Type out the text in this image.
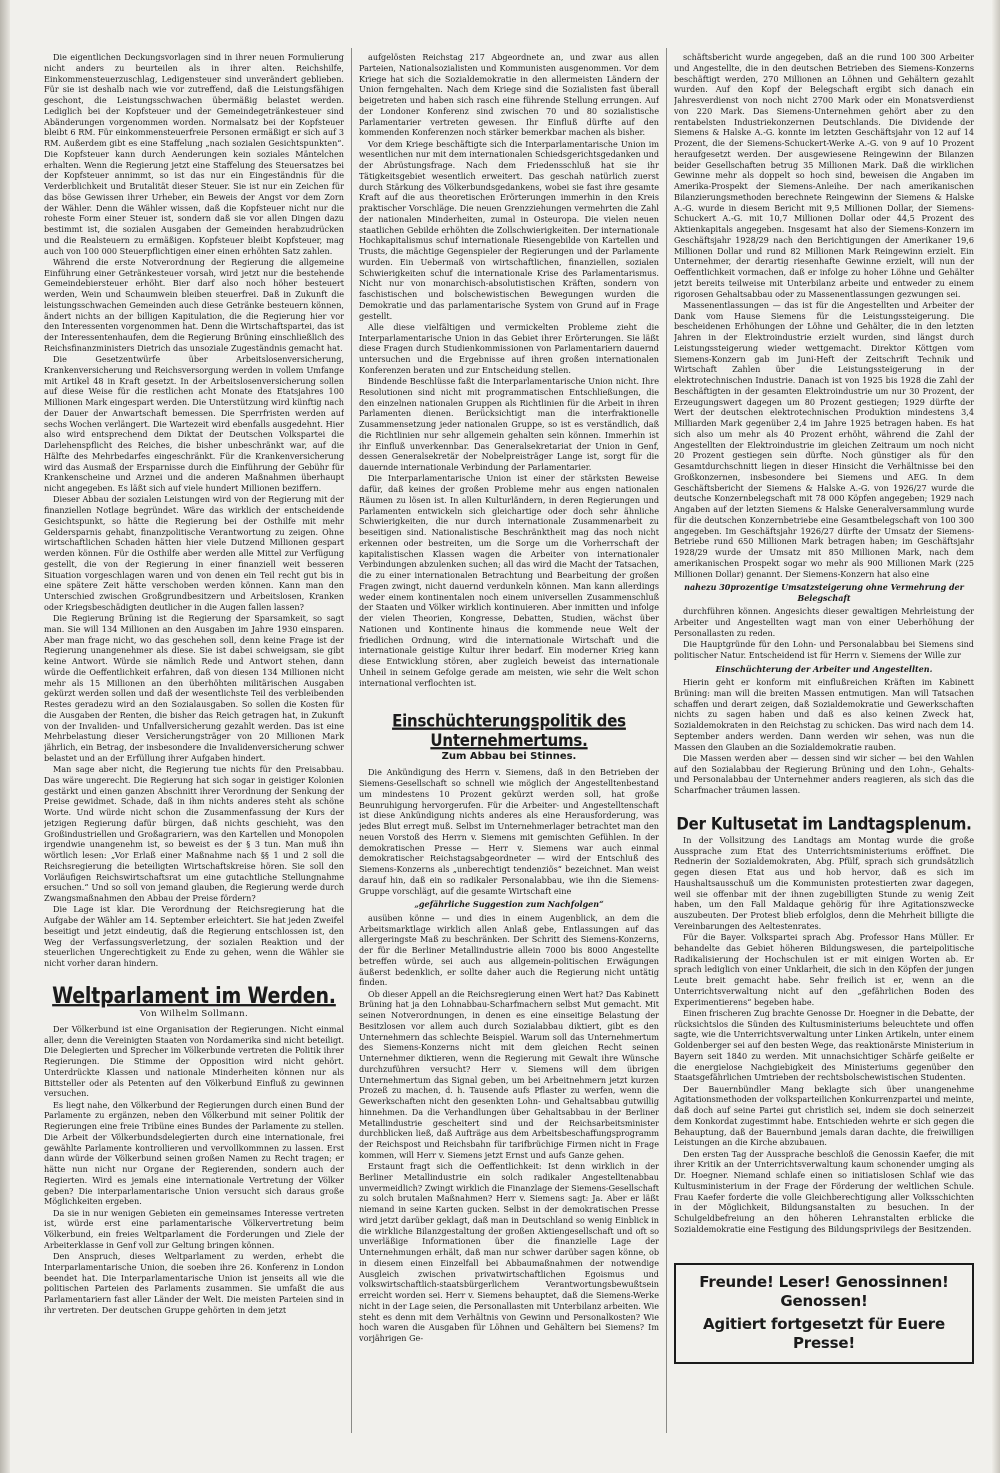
Die eigentlichen Deckungsvorlagen sind in ihrer neuen Formulierung nicht anders zu beurteilen als in ihrer alten. Reichshilfe, Einkommensteuerzuschlag, Ledigensteuer sind unverändert geblieben. Für sie ist deshalb nach wie vor zutreffend, daß die Leistungsfähigen geschont, die Leistungsschwachen übermäßig belastet werden. Lediglich bei der Kopfsteuer und der Gemeindegetränkesteuer sind Abänderungen vorgenommen worden. Normalsatz bei der Kopfsteuer bleibt 6 RM. Für einkommensteuerfreie Personen ermäßigt er sich auf 3 RM. Außerdem gibt es eine Staffelung „nach sozialen Gesichtspunkten“. Die Kopfsteuer kann durch Aenderungen kein soziales Mäntelchen erhalten. Wenn die Regierung jetzt eine Staffelung des Steuersatzes bei der Kopfsteuer annimmt, so ist das nur ein Eingeständnis für die Verderblichkeit und Brutalität dieser Steuer. Sie ist nur ein Zeichen für das böse Gewissen ihrer Urheber, ein Beweis der Angst vor dem Zorn der Wähler. Denn die Wähler wissen, daß die Kopfsteuer nicht nur die roheste Form einer Steuer ist, sondern daß sie vor allen Dingen dazu bestimmt ist, die sozialen Ausgaben der Gemeinden herabzudrücken und die Realsteuern zu ermäßigen. Kopfsteuer bleibt Kopfsteuer, mag auch von 100 000 Steuerpflichtigen einer einen erhöhten Satz zahlen.

Während die erste Notverordnung der Regierung die allgemeine Einführung einer Getränkesteuer vorsah, wird jetzt nur die bestehende Gemeindebiersteuer erhöht. Bier darf also noch höher besteuert werden, Wein und Schaumwein bleiben steuerfrei. Daß in Zukunft die leistungsschwachen Gemeinden auch diese Getränke besteuern können, ändert nichts an der billigen Kapitulation, die die Regierung hier vor den Interessenten vorgenommen hat. Denn die Wirtschaftspartei, das ist der Interessentenhaufen, dem die Regierung Brüning einschließlich des Reichsfinanzministers Dietrich das unsoziale Zugeständnis gemacht hat.

Die Gesetzentwürfe über Arbeitslosenversicherung, Krankenversicherung und Reichsversorgung werden in vollem Umfange mit Artikel 48 in Kraft gesetzt. In der Arbeitslosenversicherung sollen auf diese Weise für die restlichen acht Monate des Etatsjahres 100 Millionen Mark eingespart werden. Die Unterstützung wird künftig nach der Dauer der Anwartschaft bemessen. Die Sperrfristen werden auf sechs Wochen verlängert. Die Wartezeit wird ebenfalls ausgedehnt. Hier also wird entsprechend dem Diktat der Deutschen Volkspartei die Darlehenspflicht des Reiches, die bisher unbeschränkt war, auf die Hälfte des Mehrbedarfes eingeschränkt. Für die Krankenversicherung wird das Ausmaß der Ersparnisse durch die Einführung der Gebühr für Krankenscheine und Arznei und die anderen Maßnahmen überhaupt nicht angegeben. Es läßt sich auf viele hundert Millionen beziffern.

Dieser Abbau der sozialen Leistungen wird von der Regierung mit der finanziellen Notlage begründet. Wäre das wirklich der entscheidende Gesichtspunkt, so hätte die Regierung bei der Osthilfe mit mehr Geldersparnis gehabt, finanzpolitische Verantwortung zu zeigen. Ohne wirtschaftlichen Schaden hätten hier viele Dutzend Millionen gespart werden können. Für die Osthilfe aber werden alle Mittel zur Verfügung gestellt, die von der Regierung in einer finanziell weit besseren Situation vorgeschlagen waren und von denen ein Teil recht gut bis in eine spätere Zeit hätte verschoben werden können. Kann man den Unterschied zwischen Großgrundbesitzern und Arbeitslosen, Kranken oder Kriegsbeschädigten deutlicher in die Augen fallen lassen?

Die Regierung Brüning ist die Regierung der Sparsamkeit, so sagt man. Sie will 134 Millionen an den Ausgaben im Jahre 1930 einsparen. Aber man frage nicht, wo das geschehen soll, denn keine Frage ist der Regierung unangenehmer als diese. Sie ist dabei schweigsam, sie gibt keine Antwort. Würde sie nämlich Rede und Antwort stehen, dann würde die Oeffentlichkeit erfahren, daß von diesen 134 Millionen nicht mehr als 15 Millionen an den überhöhten militärischen Ausgaben gekürzt werden sollen und daß der wesentlichste Teil des verbleibenden Restes geradezu wird an den Sozialausgaben. So sollen die Kosten für die Ausgaben der Renten, die bisher das Reich getragen hat, in Zukunft von der Invaliden- und Unfallversicherung gezahlt werden. Das ist eine Mehrbelastung dieser Versicherungsträger von 20 Millionen Mark jährlich, ein Betrag, der insbesondere die Invalidenversicherung schwer belastet und an der Erfüllung ihrer Aufgaben hindert.

Man sage aber nicht, die Regierung tue nichts für den Preisabbau. Das wäre ungerecht. Die Regierung hat sich sogar in geistiger Kolonien gestärkt und einen ganzen Abschnitt ihrer Verordnung der Senkung der Preise gewidmet. Schade, daß in ihm nichts anderes steht als schöne Worte. Und würde nicht schon die Zusammenfassung der Kurs der jetzigen Regierung dafür bürgen, daß nichts geschieht, was den Großindustriellen und Großagrariern, was den Kartellen und Monopolen irgendwie unangenehm ist, so beweist es der § 3 tun. Man muß ihn wörtlich lesen: „Vor Erlaß einer Maßnahme nach §§ 1 und 2 soll die Reichsregierung die beteiligten Wirtschaftskreise hören. Sie soll den Vorläufigen Reichswirtschaftsrat um eine gutachtliche Stellungnahme ersuchen.“ Und so soll von jemand glauben, die Regierung werde durch Zwangsmaßnahmen den Abbau der Preise fördern?

Die Lage ist klar. Die Verordnung der Reichsregierung hat die Aufgabe der Wähler am 14. September erleichtert. Sie hat jeden Zweifel beseitigt und jetzt eindeutig, daß die Regierung entschlossen ist, den Weg der Verfassungsverletzung, der sozialen Reaktion und der steuerlichen Ungerechtigkeit zu Ende zu gehen, wenn die Wähler sie nicht vorher daran hindern.

Weltparlament im Werden.
Von Wilhelm Sollmann.

Der Völkerbund ist eine Organisation der Regierungen. Nicht einmal aller, denn die Vereinigten Staaten von Nordamerika sind nicht beteiligt. Die Delegierten und Sprecher im Völkerbunde vertreten die Politik ihrer Regierungen. Die Stimme der Opposition wird nicht gehört. Unterdrückte Klassen und nationale Minderheiten können nur als Bittsteller oder als Petenten auf den Völkerbund Einfluß zu gewinnen versuchen.

Es liegt nahe, den Völkerbund der Regierungen durch einen Bund der Parlamente zu ergänzen, neben den Völkerbund mit seiner Politik der Regierungen eine freie Tribüne eines Bundes der Parlamente zu stellen. Die Arbeit der Völkerbundsdelegierten durch eine internationale, frei gewählte Parlamente kontrollieren und vervollkommnen zu lassen. Erst dann würde der Völkerbund seinen großen Namen zu Recht tragen; er hätte nun nicht nur Organe der Regierenden, sondern auch der Regierten. Wird es jemals eine internationale Vertretung der Völker geben? Die interparlamentarische Union versucht sich daraus große Möglichkeiten ergeben.

Da sie in nur wenigen Gebieten ein gemeinsames Interesse vertreten ist, würde erst eine parlamentarische Völkervertretung beim Völkerbund, ein freies Weltparlament die Forderungen und Ziele der Arbeiterklasse in Genf voll zur Geltung bringen können.

Den Anspruch, dieses Weltparlament zu werden, erhebt die Interparlamentarische Union, die soeben ihre 26. Konferenz in London beendet hat. Die Interparlamentarische Union ist jenseits all wie die politischen Parteien des Parlaments zusammen. Sie umfaßt die aus Parlamentariern fast aller Länder der Welt. Die meisten Parteien sind in ihr vertreten. Der deutschen Gruppe gehörten in dem jetzt

aufgelösten Reichstag 217 Abgeordnete an, und zwar aus allen Parteien, Nationalsozialisten und Kommunisten ausgenommen. Vor dem Kriege hat sich die Sozialdemokratie in den allermeisten Ländern der Union ferngehalten. Nach dem Kriege sind die Sozialisten fast überall beigetreten und haben sich rasch eine führende Stellung errungen. Auf der Londoner Konferenz sind zwischen 70 und 80 sozialistische Parlamentarier vertreten gewesen. Ihr Einfluß dürfte auf den kommenden Konferenzen noch stärker bemerkbar machen als bisher.

Vor dem Kriege beschäftigte sich die Interparlamentarische Union im wesentlichen nur mit dem internationalen Schiedsgerichtsgedanken und der Abrüstungsfrage. Nach dem Friedensschluß hat sie ihr Tätigkeitsgebiet wesentlich erweitert. Das geschah natürlich zuerst durch Stärkung des Völkerbundsgedankens, wobei sie fast ihre gesamte Kraft auf die aus theoretischen Erörterungen immerhin in den Kreis praktischer Vorschläge. Die neuen Grenzziehungen vermehrten die Zahl der nationalen Minderheiten, zumal in Osteuropa. Die vielen neuen staatlichen Gebilde erhöhten die Zollschwierigkeiten. Der internationale Hochkapitalismus schuf internationale Riesengebilde von Kartellen und Trusts, die mächtige Gegenspieler der Regierungen und der Parlamente wurden. Ein Uebermaß von wirtschaftlichen, finanziellen, sozialen Schwierigkeiten schuf die internationale Krise des Parlamentarismus. Nicht nur von monarchisch-absolutistischen Kräften, sondern von faschistischen und bolschewistischen Bewegungen wurden die Demokratie und das parlamentarische System von Grund auf in Frage gestellt.

Alle diese vielfältigen und vermickelten Probleme zieht die Interparlamentarische Union in das Gebiet ihrer Erörterungen. Sie läßt diese Fragen durch Studienkommissionen von Parlamentariern dauernd untersuchen und die Ergebnisse auf ihren großen internationalen Konferenzen beraten und zur Entscheidung stellen.

Bindende Beschlüsse faßt die Interparlamentarische Union nicht. Ihre Resolutionen sind nicht mit programmatischen Entschließungen, die den einzelnen nationalen Gruppen als Richtlinien für die Arbeit in ihren Parlamenten dienen. Berücksichtigt man die interfraktionelle Zusammensetzung jeder nationalen Gruppe, so ist es verständlich, daß die Richtlinien nur sehr allgemein gehalten sein können. Immerhin ist ihr Einfluß unverkennbar. Das Generalsekretariat der Union in Genf, dessen Generalsekretär der Nobelpreisträger Lange ist, sorgt für die dauernde internationale Verbindung der Parlamentarier.

Die Interparlamentarische Union ist einer der stärksten Beweise dafür, daß keines der großen Probleme mehr aus engen nationalen Räumen zu lösen ist. In allen Kulturländern, in deren Regierungen und Parlamenten entwickeln sich gleichartige oder doch sehr ähnliche Schwierigkeiten, die nur durch internationale Zusammenarbeit zu beseitigen sind. Nationalistische Beschränktheit mag das noch nicht erkennen oder bestreiten, um die Sorge um die Vorherrschaft der kapitalistischen Klassen wagen die Arbeiter von internationaler Verbindungen abzulenken suchen; all das wird die Macht der Tatsachen, die zu einer internationalen Betrachtung und Bearbeitung der großen Fragen zwingt, nicht dauernd verdunkeln können. Man kann allerdings weder einem kontinentalen noch einem universellen Zusammenschluß der Staaten und Völker wirklich kontinuieren. Aber inmitten und infolge der vielen Theorien, Kongresse, Debatten, Studien, wächst über Nationen und Kontinente hinaus die kommende neue Welt der friedlichen Ordnung, wird die internationale Wirtschaft und die internationale geistige Kultur ihrer bedarf. Ein moderner Krieg kann diese Entwicklung stören, aber zugleich beweist das internationale Unheil in seinem Gefolge gerade am meisten, wie sehr die Welt schon international verflochten ist.

Einschüchterungspolitik des Unternehmertums.
Zum Abbau bei Stinnes.

Die Ankündigung des Herrn v. Siemens, daß in den Betrieben der Siemens-Gesellschaft so schnell wie möglich der Angestelltenbestand um mindestens 10 Prozent gekürzt werden soll, hat große Beunruhigung hervorgerufen. Für die Arbeiter- und Angestelltenschaft ist diese Ankündigung nichts anderes als eine Herausforderung, was jedes Blut erregt muß. Selbst im Unternehmerlager betrachtet man den neuen Vorstoß des Herrn v. Siemens mit gemischten Gefühlen. In der demokratischen Presse — Herr v. Siemens war auch einmal demokratischer Reichstagsabgeordneter — wird der Entschluß des Siemens-Konzerns als „unberechtigt tendenziös“ bezeichnet. Man weist darauf hin, daß ein so radikaler Personalabbau, wie ihn die Siemens-Gruppe vorschlägt, auf die gesamte Wirtschaft eine

„gefährliche Suggestion zum Nachfolgen“

ausüben könne — und dies in einem Augenblick, an dem die Arbeitsmarktlage wirklich allen Anlaß gebe, Entlassungen auf das allergeringste Maß zu beschränken. Der Schritt des Siemens-Konzerns, der für die Berliner Metallindustrie allein 7000 bis 8000 Angestellte betreffen würde, sei auch aus allgemein-politischen Erwägungen äußerst bedenklich, er sollte daher auch die Regierung nicht untätig finden.

Ob dieser Appell an die Reichsregierung einen Wert hat? Das Kabinett Brüning hat ja den Lohnabbau-Scharfmachern selbst Mut gemacht. Mit seinen Notverordnungen, in denen es eine einseitige Belastung der Besitzlosen vor allem auch durch Sozialabbau diktiert, gibt es den Unternehmern das schlechte Beispiel. Warum soll das Unternehmertum des Siemens-Konzerns nicht mit dem gleichen Recht seinen Unternehmer diktieren, wenn die Regierung mit Gewalt ihre Wünsche durchzuführen versucht? Herr v. Siemens will dem übrigen Unternehmertum das Signal geben, um bei Arbeitnehmern jetzt kurzen Prozeß zu machen, d. h. Tausende aufs Pflaster zu werfen, wenn die Gewerkschaften nicht den gesenkten Lohn- und Gehaltsabbau gutwillig hinnehmen. Da die Verhandlungen über Gehaltsabbau in der Berliner Metallindustrie gescheitert sind und der Reichsarbeitsminister durchblicken ließ, daß Aufträge aus dem Arbeitsbeschaffungsprogramm der Reichspost und Reichsbahn für tarifbrüchige Firmen nicht in Frage kommen, will Herr v. Siemens jetzt Ernst und aufs Ganze gehen.

Erstaunt fragt sich die Oeffentlichkeit: Ist denn wirklich in der Berliner Metallindustrie ein solch radikaler Angestelltenabbau unvermeidlich? Zwingt wirklich die Finanzlage der Siemens-Gesellschaft zu solch brutalen Maßnahmen? Herr v. Siemens sagt: Ja. Aber er läßt niemand in seine Karten gucken. Selbst in der demokratischen Presse wird jetzt darüber geklagt, daß man in Deutschland so wenig Einblick in die wirkliche Bilanzgestaltung der großen Aktiengesellschaft und oft so unverläßige Informationen über die finanzielle Lage der Unternehmungen erhält, daß man nur schwer darüber sagen könne, ob in diesem einen Einzelfall bei Abbaumaßnahmen der notwendige Ausgleich zwischen privatwirtschaftlichen Egoismus und volkswirtschaftlich-staatsbürgerlichem Verantwortungsbewußtsein erreicht worden sei. Herr v. Siemens behauptet, daß die Siemens-Werke nicht in der Lage seien, die Personallasten mit Unterbilanz arbeiten. Wie steht es denn mit dem Verhältnis von Gewinn und Personalkosten? Wie hoch waren die Ausgaben für Löhnen und Gehältern bei Siemens? Im vorjährigen Ge-

schäftsbericht wurde angegeben, daß an die rund 100 300 Arbeiter und Angestellte, die in den deutschen Betrieben des Siemens-Konzerns beschäftigt werden, 270 Millionen an Löhnen und Gehältern gezahlt wurden. Auf den Kopf der Belegschaft ergibt sich danach ein Jahresverdienst von noch nicht 2700 Mark oder ein Monatsverdienst von 220 Mark. Das Siemens-Unternehmen gehört aber zu den rentabelsten Industriekonzernen Deutschlands. Die Dividende der Siemens & Halske A.-G. konnte im letzten Geschäftsjahr von 12 auf 14 Prozent, die der Siemens-Schuckert-Werke A.-G. von 9 auf 10 Prozent heraufgesetzt werden. Der ausgewiesene Reingewinn der Bilanzen beider Gesellschaften betrug 35 Millionen Mark. Daß die wirklichen Gewinne mehr als doppelt so hoch sind, beweisen die Angaben im Amerika-Prospekt der Siemens-Anleihe. Der nach amerikanischen Bilanzierungsmethoden berechnete Reingewinn der Siemens & Halske A.-G. wurde in diesem Bericht mit 9,5 Millionen Dollar, der Siemens-Schuckert A.-G. mit 10,7 Millionen Dollar oder 44,5 Prozent des Aktienkapitals angegeben. Insgesamt hat also der Siemens-Konzern im Geschäftsjahr 1928/29 nach den Berichtigungen der Amerikaner 19,6 Millionen Dollar und rund 82 Millionen Mark Reingewinn erzielt. Ein Unternehmer, der derartig riesenhafte Gewinne erzielt, will nun der Oeffentlichkeit vormachen, daß er infolge zu hoher Löhne und Gehälter jetzt bereits teilweise mit Unterbilanz arbeite und entweder zu einem rigorosen Gehaltsabbau oder zu Massenentlassungen gezwungen sei.

Massenentlassungen — das ist für die Angestellten und Arbeiter der Dank vom Hause Siemens für die Leistungssteigerung. Die bescheidenen Erhöhungen der Löhne und Gehälter, die in den letzten Jahren in der Elektroindustrie erzielt wurden, sind längst durch Leistungssteigerung wieder wettgemacht. Direktor Köttgen vom Siemens-Konzern gab im Juni-Heft der Zeitschrift Technik und Wirtschaft Zahlen über die Leistungssteigerung in der elektrotechnischen Industrie. Danach ist von 1925 bis 1928 die Zahl der Beschäftigten in der gesamten Elektroindustrie um nur 30 Prozent, der Erzeugungswert dagegen um 80 Prozent gestiegen; 1929 dürfte der Wert der deutschen elektrotechnischen Produktion mindestens 3,4 Milliarden Mark gegenüber 2,4 im Jahre 1925 betragen haben. Es hat sich also um mehr als 40 Prozent erhöht, während die Zahl der Angestellten der Elektroindustrie im gleichen Zeitraum um noch nicht 20 Prozent gestiegen sein dürfte. Noch günstiger als für den Gesamtdurchschnitt liegen in dieser Hinsicht die Verhältnisse bei den Großkonzernen, insbesondere bei Siemens und AEG. In dem Geschäftsbericht der Siemens & Halske A.-G. von 1926/27 wurde die deutsche Konzernbelegschaft mit 78 000 Köpfen angegeben; 1929 nach Angaben auf der letzten Siemens & Halske Generalversammlung wurde für die deutschen Konzernbetriebe eine Gesamtbelegschaft von 100 300 angegeben. Im Geschäftsjahr 1926/27 dürfte der Umsatz der Siemens-Betriebe rund 650 Millionen Mark betragen haben; im Geschäftsjahr 1928/29 wurde der Umsatz mit 850 Millionen Mark, nach dem amerikanischen Prospekt sogar wo mehr als 900 Millionen Mark (225 Millionen Dollar) genannt. Der Siemens-Konzern hat also eine

nahezu 30prozentige Umsatzsteigerung ohne Vermehrung der Belegschaft

durchführen können. Angesichts dieser gewaltigen Mehrleistung der Arbeiter und Angestellten wagt man von einer Ueberhöhung der Personallasten zu reden.

Die Hauptgründe für den Lohn- und Personalabbau bei Siemens sind politischer Natur. Entscheidend ist für Herrn v. Siemens der Wille zur

Einschüchterung der Arbeiter und Angestellten.

Hierin geht er konform mit einflußreichen Kräften im Kabinett Brüning: man will die breiten Massen entmutigen. Man will Tatsachen schaffen und derart zeigen, daß Sozialdemokratie und Gewerkschaften nichts zu sagen haben und daß es also keinen Zweck hat, Sozialdemokraten in den Reichstag zu schicken. Das wird nach dem 14. September anders werden. Dann werden wir sehen, was nun die Massen den Glauben an die Sozialdemokratie rauben.

Die Massen werden aber — dessen sind wir sicher — bei den Wahlen auf den Sozialabbau der Regierung Brüning und den Lohn-, Gehalts- und Personalabbau der Unternehmer anders reagieren, als sich das die Scharfmacher träumen lassen.

Der Kultusetat im Landtagsplenum.

In der Vollsitzung des Landtags am Montag wurde die große Aussprache zum Etat des Unterrichtsministeriums eröffnet. Die Rednerin der Sozialdemokraten, Abg. Pfülf, sprach sich grundsätzlich gegen diesen Etat aus und hob hervor, daß es sich im Haushaltsausschuß um die Kommunisten protestierten zwar dagegen, weil sie offenbar mit der ihnen zugebilligten Stunde zu wenig Zeit haben, um den Fall Maldaque gehörig für ihre Agitationszwecke auszubeuten. Der Protest blieb erfolglos, denn die Mehrheit billigte die Vereinbarungen des Aeltestenrates.

Für die Bayer. Volkspartei sprach Abg. Professor Hans Müller. Er behandelte das Gebiet höheren Bildungswesen, die parteipolitische Radikalisierung der Hochschulen ist er mit einigen Worten ab. Er sprach lediglich von einer Unklarheit, die sich in den Köpfen der jungen Leute breit gemacht habe. Sehr freilich ist er, wenn an die Unterrichtsverwaltung nicht auf den „gefährlichen Boden des Experimentierens“ begeben habe.

Einen frischeren Zug brachte Genosse Dr. Hoegner in die Debatte, der rücksichtslos die Sünden des Kultusministeriums beleuchtete und offen sagte, wie die Unterrichtsverwaltung unter Linken Artikeln, unter einem Goldenberger sei auf den besten Wege, das reaktionärste Ministerium in Bayern seit 1840 zu werden. Mit unnachsichtiger Schärfe geißelte er die energielose Nachgiebigkeit des Ministeriums gegenüber den Staatsgefährlichen Umtrieben der rechtsbolschewistischen Studenten.

Der Bauernbündler Mang beklagte sich über unangenehme Agitationsmethoden der volksparteilichen Konkurrenzpartei und meinte, daß doch auf seine Partei gut christlich sei, indem sie doch seinerzeit dem Konkordat zugestimmt habe. Entschieden wehrte er sich gegen die Behauptung, daß der Bauernbund jemals daran dachte, die freiwilligen Leistungen an die Kirche abzubauen.

Den ersten Tag der Aussprache beschloß die Genossin Kaefer, die mit ihrer Kritik an der Unterrichtsverwaltung kaum schonender umging als Dr. Hoegner. Niemand schlafe einen so initiatislosen Schlaf wie das Kultusministerium in der Frage der Förderung der weltlichen Schule. Frau Kaefer forderte die volle Gleichberechtigung aller Volksschichten in der Möglichkeit, Bildungsanstalten zu besuchen. In der Schulgeldbefreiung an den höheren Lehranstalten erblicke die Sozialdemokratie eine Festigung des Bildungsprivilegs der Besitzenden.

Freunde! Leser! Genossinnen! Genossen!
Agitiert fortgesetzt für Euere Presse!
